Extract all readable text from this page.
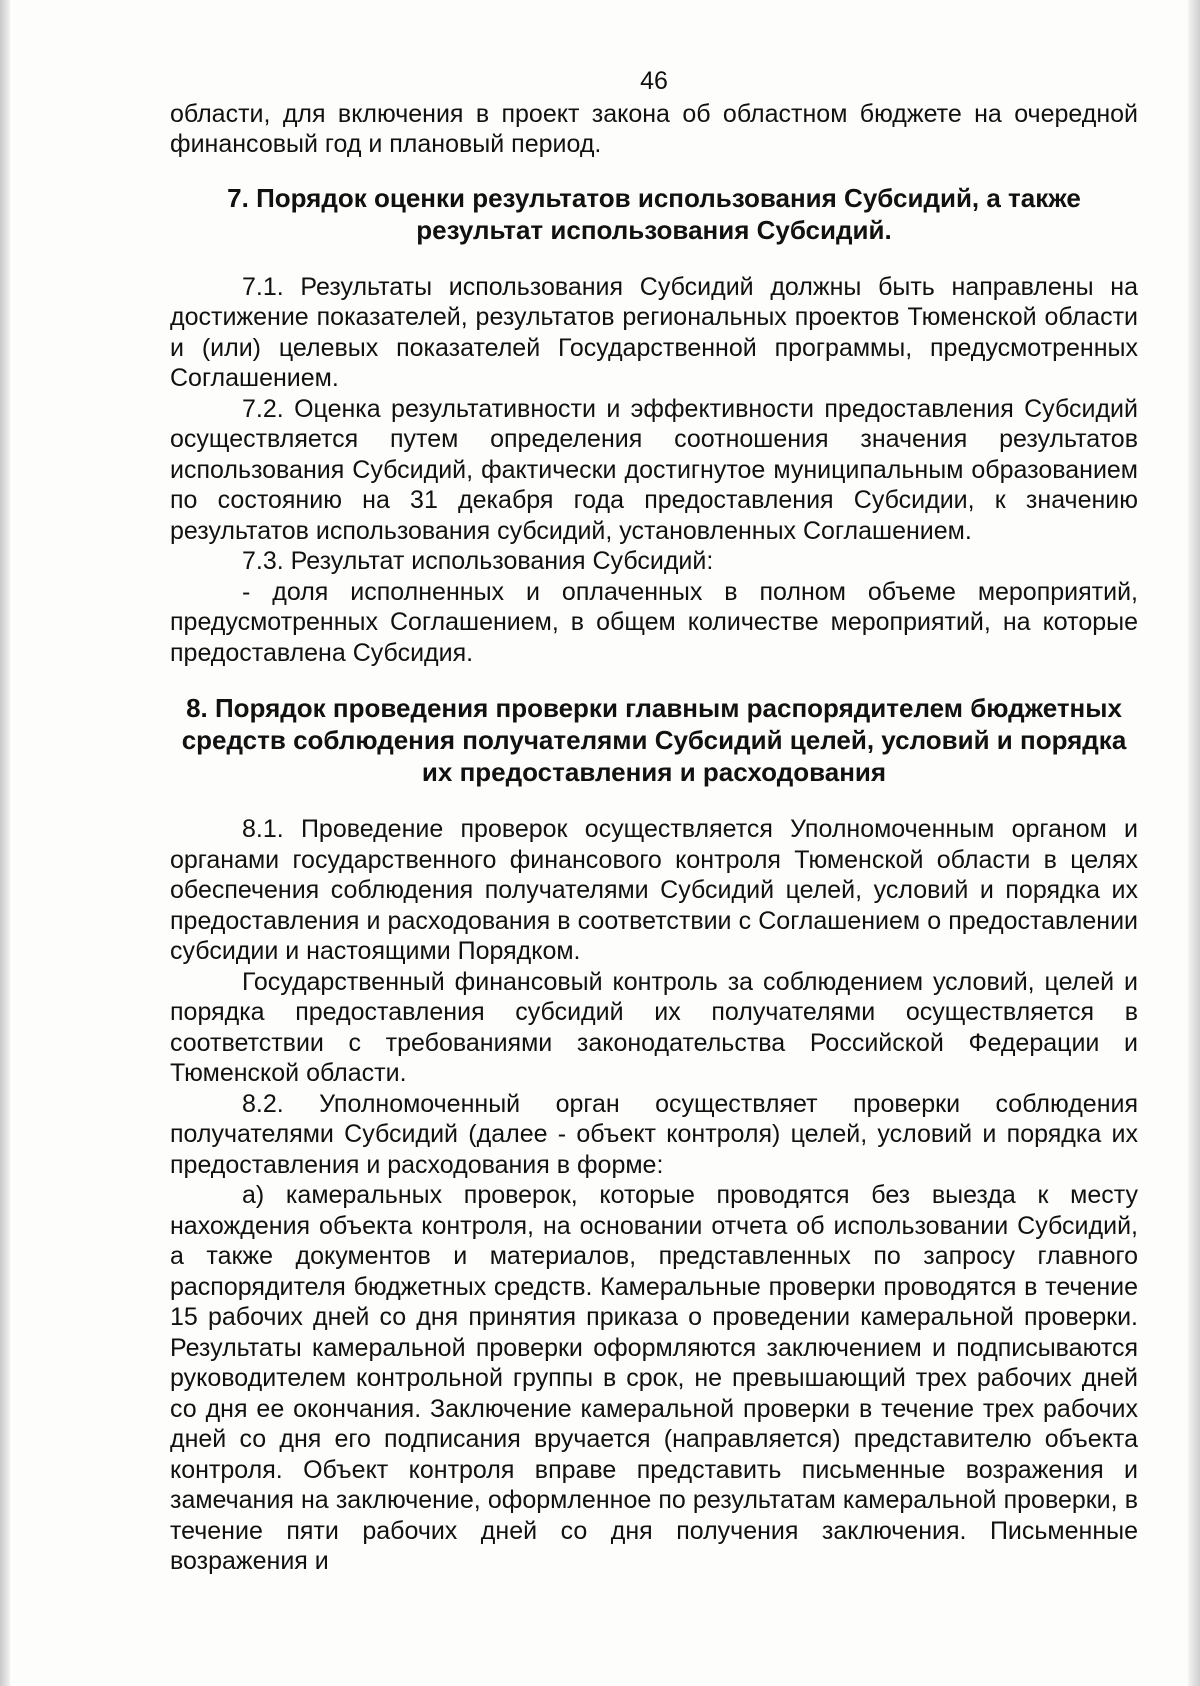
46

области, для включения в проект закона об областном бюджете на очередной финансовый год и плановый период.

7. Порядок оценки результатов использования Субсидий, а также результат использования Субсидий.

7.1. Результаты использования Субсидий должны быть направлены на достижение показателей, результатов региональных проектов Тюменской области и (или) целевых показателей Государственной программы, предусмотренных Соглашением.

7.2. Оценка результативности и эффективности предоставления Субсидий осуществляется путем определения соотношения значения результатов использования Субсидий, фактически достигнутое муниципальным образованием по состоянию на 31 декабря года предоставления Субсидии, к значению результатов использования субсидий, установленных Соглашением.

7.3. Результат использования Субсидий:

- доля исполненных и оплаченных в полном объеме мероприятий, предусмотренных Соглашением, в общем количестве мероприятий, на которые предоставлена Субсидия.

8. Порядок проведения проверки главным распорядителем бюджетных средств соблюдения получателями Субсидий целей, условий и порядка их предоставления и расходования

8.1. Проведение проверок осуществляется Уполномоченным органом и органами государственного финансового контроля Тюменской области в целях обеспечения соблюдения получателями Субсидий целей, условий и порядка их предоставления и расходования в соответствии с Соглашением о предоставлении субсидии и настоящими Порядком.

Государственный финансовый контроль за соблюдением условий, целей и порядка предоставления субсидий их получателями осуществляется в соответствии с требованиями законодательства Российской Федерации и Тюменской области.

8.2. Уполномоченный орган осуществляет проверки соблюдения получателями Субсидий (далее - объект контроля) целей, условий и порядка их предоставления и расходования в форме:

а) камеральных проверок, которые проводятся без выезда к месту нахождения объекта контроля, на основании отчета об использовании Субсидий, а также документов и материалов, представленных по запросу главного распорядителя бюджетных средств. Камеральные проверки проводятся в течение 15 рабочих дней со дня принятия приказа о проведении камеральной проверки. Результаты камеральной проверки оформляются заключением и подписываются руководителем контрольной группы в срок, не превышающий трех рабочих дней со дня ее окончания. Заключение камеральной проверки в течение трех рабочих дней со дня его подписания вручается (направляется) представителю объекта контроля. Объект контроля вправе представить письменные возражения и замечания на заключение, оформленное по результатам камеральной проверки, в течение пяти рабочих дней со дня получения заключения. Письменные возражения и
